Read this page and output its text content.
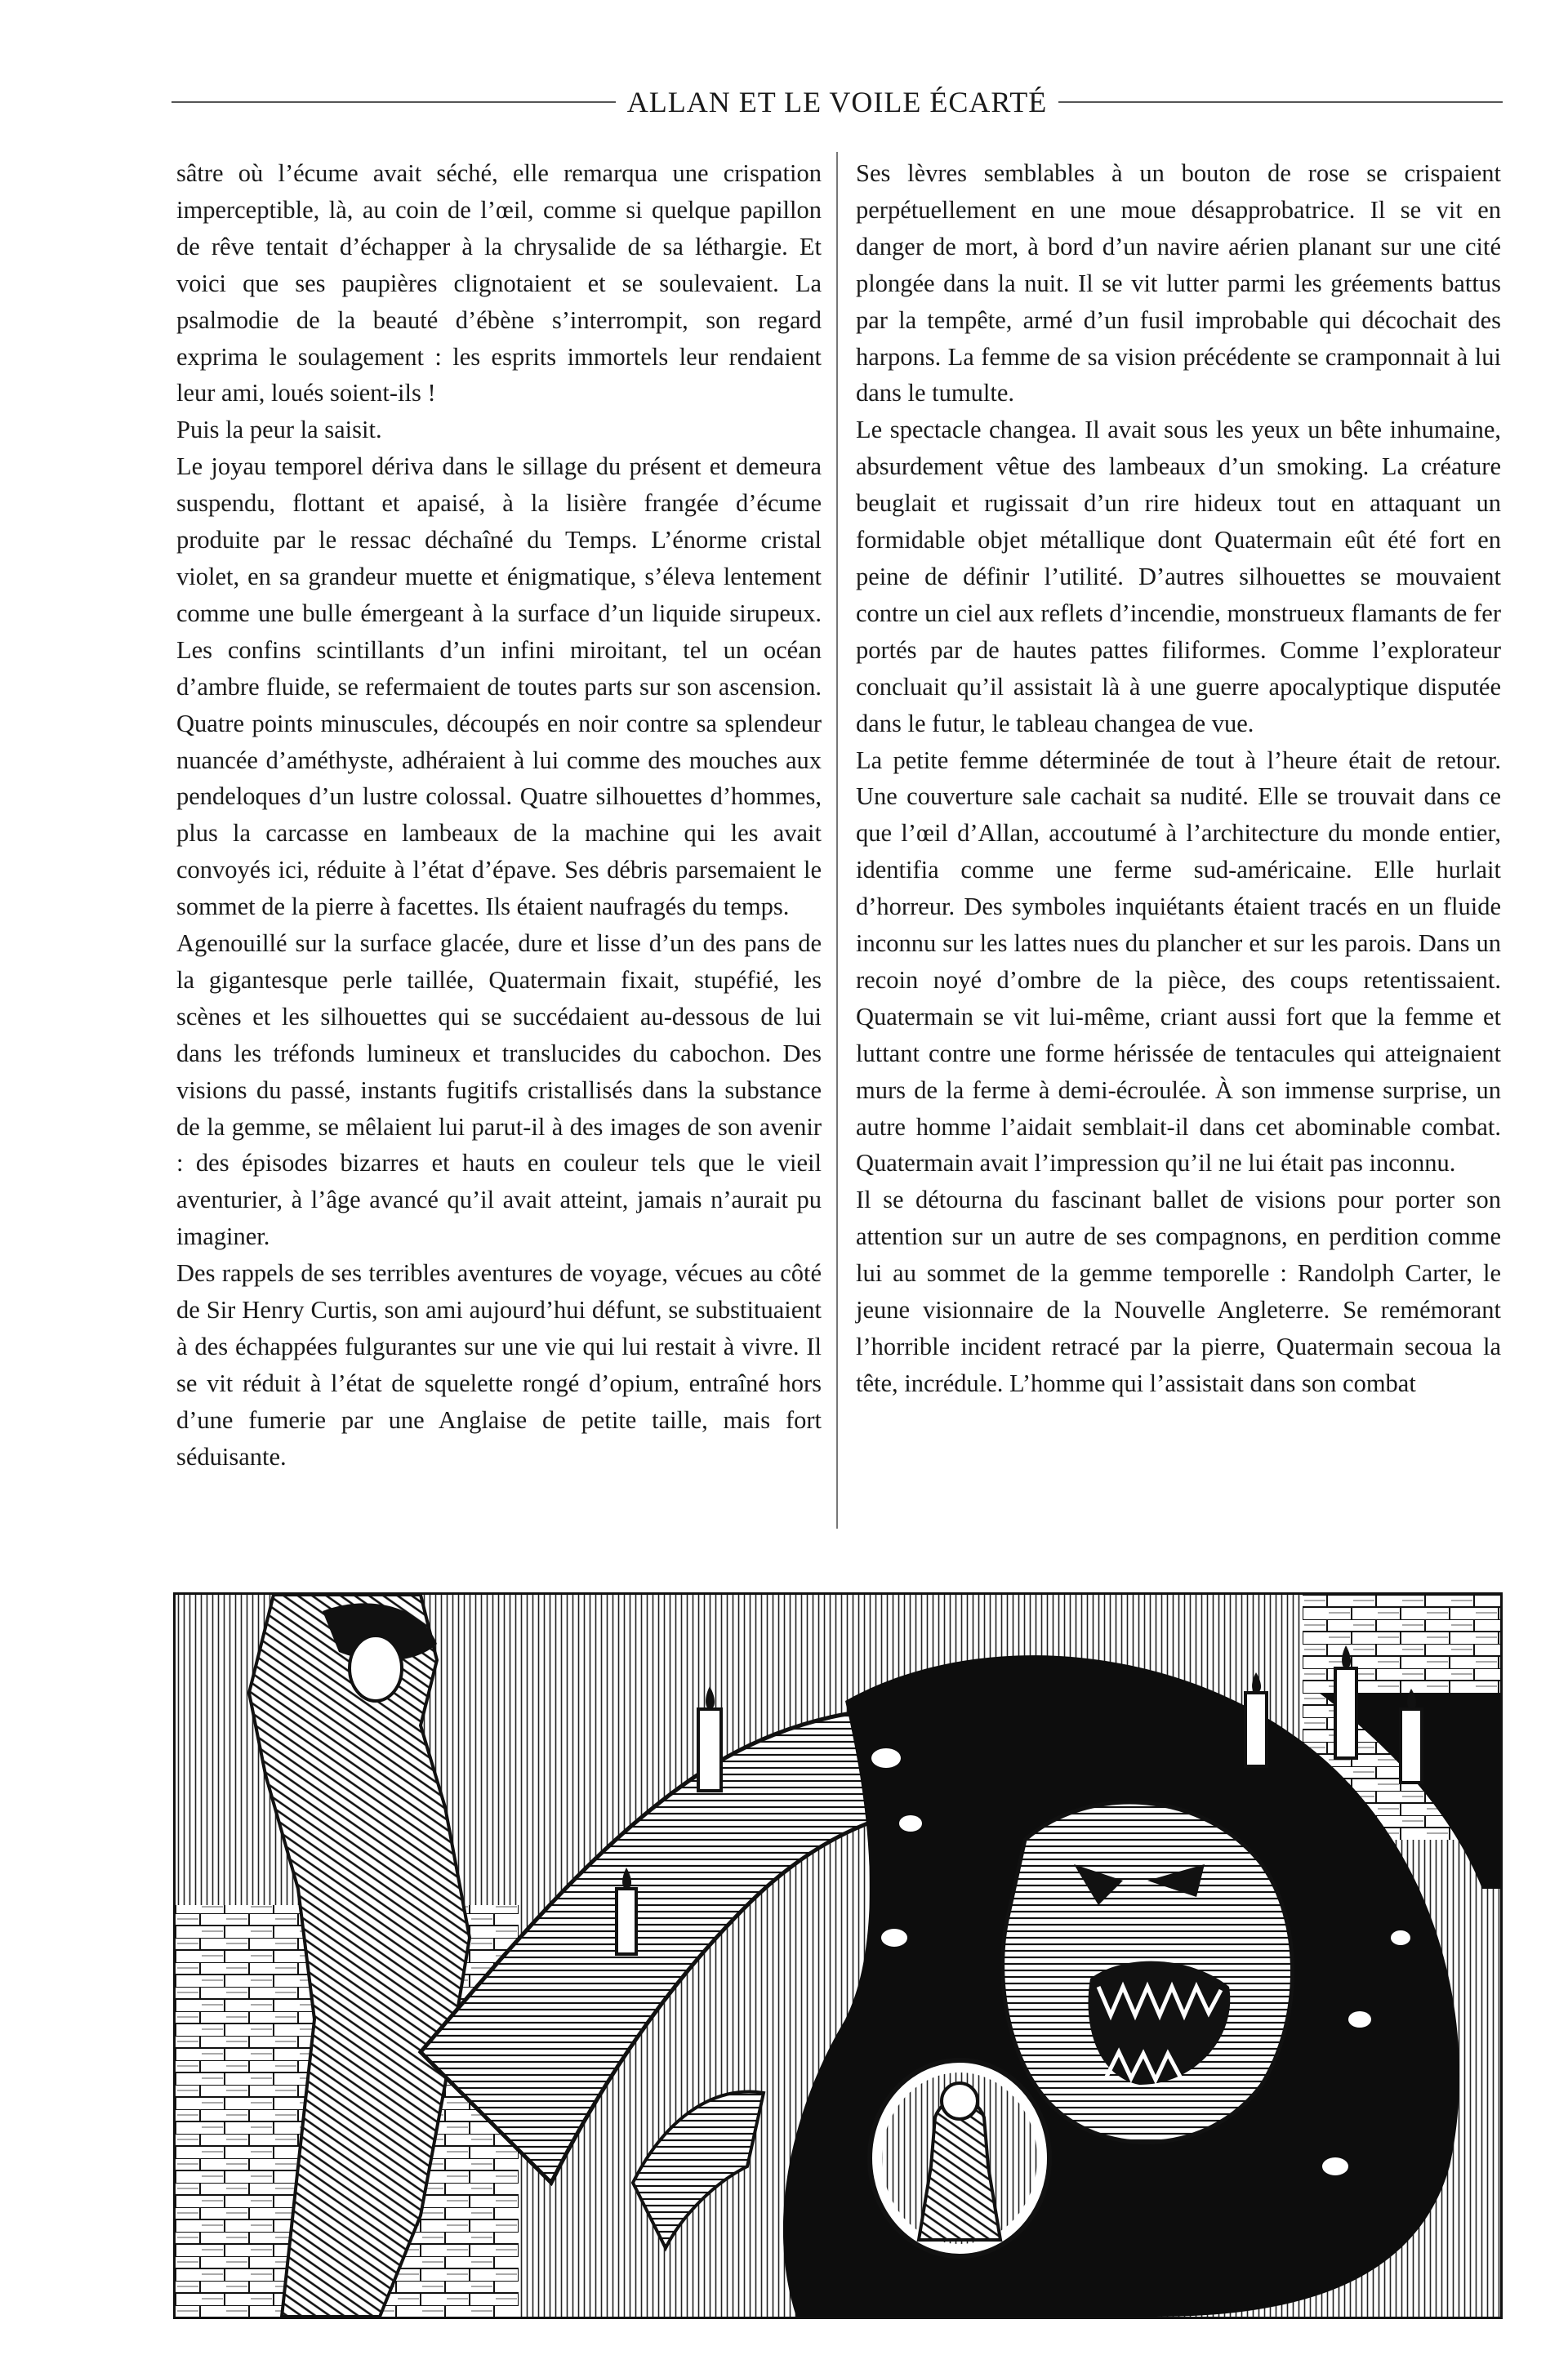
ALLAN ET LE VOILE ÉCARTÉ

sâtre où l’écume avait séché, elle remarqua une crispation imperceptible, là, au coin de l’œil, comme si quelque papillon de rêve tentait d’échapper à la chrysalide de sa léthargie. Et voici que ses paupières clignotaient et se soulevaient. La psalmodie de la beauté d’ébène s’interrompit, son regard exprima le soulagement : les esprits immortels leur rendaient leur ami, loués soient-ils !

Puis la peur la saisit.

Le joyau temporel dériva dans le sillage du présent et demeura suspendu, flottant et apaisé, à la lisière frangée d’écume produite par le ressac déchaîné du Temps. L’énorme cristal violet, en sa grandeur muette et énigmatique, s’éleva lentement comme une bulle émergeant à la surface d’un liquide sirupeux. Les confins scintillants d’un infini miroitant, tel un océan d’ambre fluide, se refermaient de toutes parts sur son ascension. Quatre points minuscules, découpés en noir contre sa splendeur nuancée d’améthyste, adhéraient à lui comme des mouches aux pendeloques d’un lustre colossal. Quatre silhouettes d’hommes, plus la carcasse en lambeaux de la machine qui les avait convoyés ici, réduite à l’état d’épave. Ses débris parsemaient le sommet de la pierre à facettes. Ils étaient naufragés du temps.

Agenouillé sur la surface glacée, dure et lisse d’un des pans de la gigantesque perle taillée, Quatermain fixait, stupéfié, les scènes et les silhouettes qui se succédaient au-dessous de lui dans les tréfonds lumineux et translucides du cabochon. Des visions du passé, instants fugitifs cristallisés dans la substance de la gemme, se mêlaient lui parut-il à des images de son avenir : des épisodes bizarres et hauts en couleur tels que le vieil aventurier, à l’âge avancé qu’il avait atteint, jamais n’aurait pu imaginer.

Des rappels de ses terribles aventures de voyage, vécues au côté de Sir Henry Curtis, son ami aujourd’hui défunt, se substituaient à des échappées fulgurantes sur une vie qui lui restait à vivre. Il se vit réduit à l’état de squelette rongé d’opium, entraîné hors d’une fumerie par une Anglaise de petite taille, mais fort séduisante.

Ses lèvres semblables à un bouton de rose se crispaient perpétuellement en une moue désapprobatrice. Il se vit en danger de mort, à bord d’un navire aérien planant sur une cité plongée dans la nuit. Il se vit lutter parmi les gréements battus par la tempête, armé d’un fusil improbable qui décochait des harpons. La femme de sa vision précédente se cramponnait à lui dans le tumulte.

Le spectacle changea. Il avait sous les yeux un bête inhumaine, absurdement vêtue des lambeaux d’un smoking. La créature beuglait et rugissait d’un rire hideux tout en attaquant un formidable objet métallique dont Quatermain eût été fort en peine de définir l’utilité. D’autres silhouettes se mouvaient contre un ciel aux reflets d’incendie, monstrueux flamants de fer portés par de hautes pattes filiformes. Comme l’explorateur concluait qu’il assistait là à une guerre apocalyptique disputée dans le futur, le tableau changea de vue.

La petite femme déterminée de tout à l’heure était de retour. Une couverture sale cachait sa nudité. Elle se trouvait dans ce que l’œil d’Allan, accoutumé à l’architecture du monde entier, identifia comme une ferme sud-américaine. Elle hurlait d’horreur. Des symboles inquiétants étaient tracés en un fluide inconnu sur les lattes nues du plancher et sur les parois. Dans un recoin noyé d’ombre de la pièce, des coups retentissaient. Quatermain se vit lui-même, criant aussi fort que la femme et luttant contre une forme hérissée de tentacules qui atteignaient murs de la ferme à demi-écroulée. À son immense surprise, un autre homme l’aidait semblait-il dans cet abominable combat. Quatermain avait l’impression qu’il ne lui était pas inconnu.

Il se détourna du fascinant ballet de visions pour porter son attention sur un autre de ses compagnons, en perdition comme lui au sommet de la gemme temporelle : Randolph Carter, le jeune visionnaire de la Nouvelle Angleterre. Se remémorant l’horrible incident retracé par la pierre, Quatermain secoua la tête, incrédule. L’homme qui l’assistait dans son combat
